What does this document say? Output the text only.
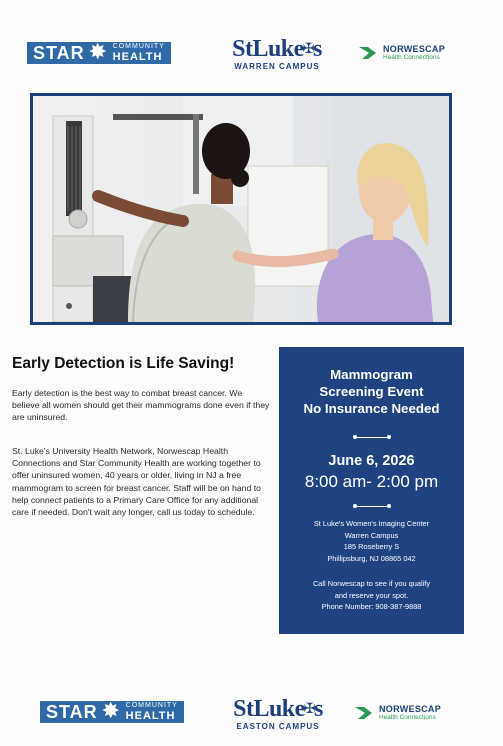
STAR ✸ COMMUNITY
HEALTH	StLuke✠s
WARREN CAMPUS
NORWESCAP
Health Connections
Early Detection is Life Saving!
Early detection is the best way to combat breast cancer. We believe all women should get their mammograms done even if they are uninsured.
St. Luke's University Health Network, Norwescap Health Connections and Star Community Health are working together to offer uninsured women, 40 years or older, living in NJ a free mammogram to screen for breast cancer. Staff will be on hand to help connect patients to a Primary Care Office for any additional care if needed. Don't wait any longer, call us today to schedule.
Mammogram
Screening Event
No Insurance Needed
June 6, 2026
8:00 am- 2:00 pm
St Luke's Women's Imaging Center
Warren Campus
185 Roseberry S
Phillipsburg, NJ 08865 042
Call Norwescap to see if you qualify
and reserve your spot.
Phone Number: 908-387-9888
STAR ✸ COMMUNITY
HEALTH	StLuke✠s
EASTON CAMPUS
NORWESCAP
Health Connections
